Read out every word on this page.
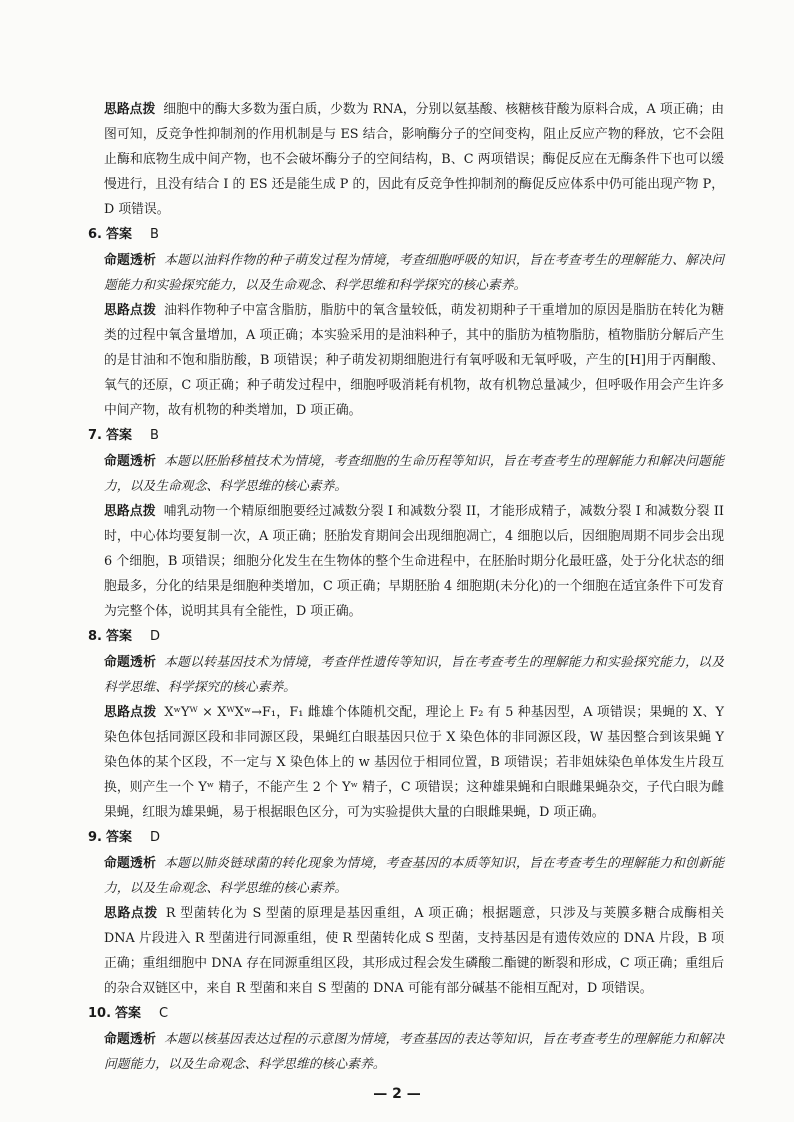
思路点拨 细胞中的酶大多数为蛋白质，少数为 RNA，分别以氨基酸、核糖核苷酸为原料合成，A 项正确；由图可知，反竞争性抑制剂的作用机制是与 ES 结合，影响酶分子的空间变构，阻止反应产物的释放，它不会阻止酶和底物生成中间产物，也不会破坏酶分子的空间结构，B、C 两项错误；酶促反应在无酶条件下也可以缓慢进行，且没有结合 I 的 ES 还是能生成 P 的，因此有反竞争性抑制剂的酶促反应体系中仍可能出现产物 P，D 项错误。

6. 答案 B

命题透析 本题以油料作物的种子萌发过程为情境，考查细胞呼吸的知识，旨在考查考生的理解能力、解决问题能力和实验探究能力，以及生命观念、科学思维和科学探究的核心素养。

思路点拨 油料作物种子中富含脂肪，脂肪中的氧含量较低，萌发初期种子干重增加的原因是脂肪在转化为糖类的过程中氧含量增加，A 项正确；本实验采用的是油料种子，其中的脂肪为植物脂肪，植物脂肪分解后产生的是甘油和不饱和脂肪酸，B 项错误；种子萌发初期细胞进行有氧呼吸和无氧呼吸，产生的[H]用于丙酮酸、氧气的还原，C 项正确；种子萌发过程中，细胞呼吸消耗有机物，故有机物总量减少，但呼吸作用会产生许多中间产物，故有机物的种类增加，D 项正确。

7. 答案 B

命题透析 本题以胚胎移植技术为情境，考查细胞的生命历程等知识，旨在考查考生的理解能力和解决问题能力，以及生命观念、科学思维的核心素养。

思路点拨 哺乳动物一个精原细胞要经过减数分裂 I 和减数分裂 II，才能形成精子，减数分裂 I 和减数分裂 II 时，中心体均要复制一次，A 项正确；胚胎发育期间会出现细胞凋亡，4 细胞以后，因细胞周期不同步会出现 6 个细胞，B 项错误；细胞分化发生在生物体的整个生命进程中，在胚胎时期分化最旺盛，处于分化状态的细胞最多，分化的结果是细胞种类增加，C 项正确；早期胚胎 4 细胞期(未分化)的一个细胞在适宜条件下可发育为完整个体，说明其具有全能性，D 项正确。

8. 答案 D

命题透析 本题以转基因技术为情境，考查伴性遗传等知识，旨在考查考生的理解能力和实验探究能力，以及科学思维、科学探究的核心素养。

思路点拨 XʷYᵂ × XᵂXʷ→F₁，F₁ 雌雄个体随机交配，理论上 F₂ 有 5 种基因型，A 项错误；果蝇的 X、Y 染色体包括同源区段和非同源区段，果蝇红白眼基因只位于 X 染色体的非同源区段，W 基因整合到该果蝇 Y 染色体的某个区段，不一定与 X 染色体上的 w 基因位于相同位置，B 项错误；若非姐妹染色单体发生片段互换，则产生一个 Yʷ 精子，不能产生 2 个 Yʷ 精子，C 项错误；这种雄果蝇和白眼雌果蝇杂交，子代白眼为雌果蝇，红眼为雄果蝇，易于根据眼色区分，可为实验提供大量的白眼雌果蝇，D 项正确。

9. 答案 D

命题透析 本题以肺炎链球菌的转化现象为情境，考查基因的本质等知识，旨在考查考生的理解能力和创新能力，以及生命观念、科学思维的核心素养。

思路点拨 R 型菌转化为 S 型菌的原理是基因重组，A 项正确；根据题意，只涉及与荚膜多糖合成酶相关 DNA 片段进入 R 型菌进行同源重组，使 R 型菌转化成 S 型菌，支持基因是有遗传效应的 DNA 片段，B 项正确；重组细胞中 DNA 存在同源重组区段，其形成过程会发生磷酸二酯键的断裂和形成，C 项正确；重组后的杂合双链区中，来自 R 型菌和来自 S 型菌的 DNA 可能有部分碱基不能相互配对，D 项错误。

10. 答案 C

命题透析 本题以核基因表达过程的示意图为情境，考查基因的表达等知识，旨在考查考生的理解能力和解决问题能力，以及生命观念、科学思维的核心素养。

— 2 —
